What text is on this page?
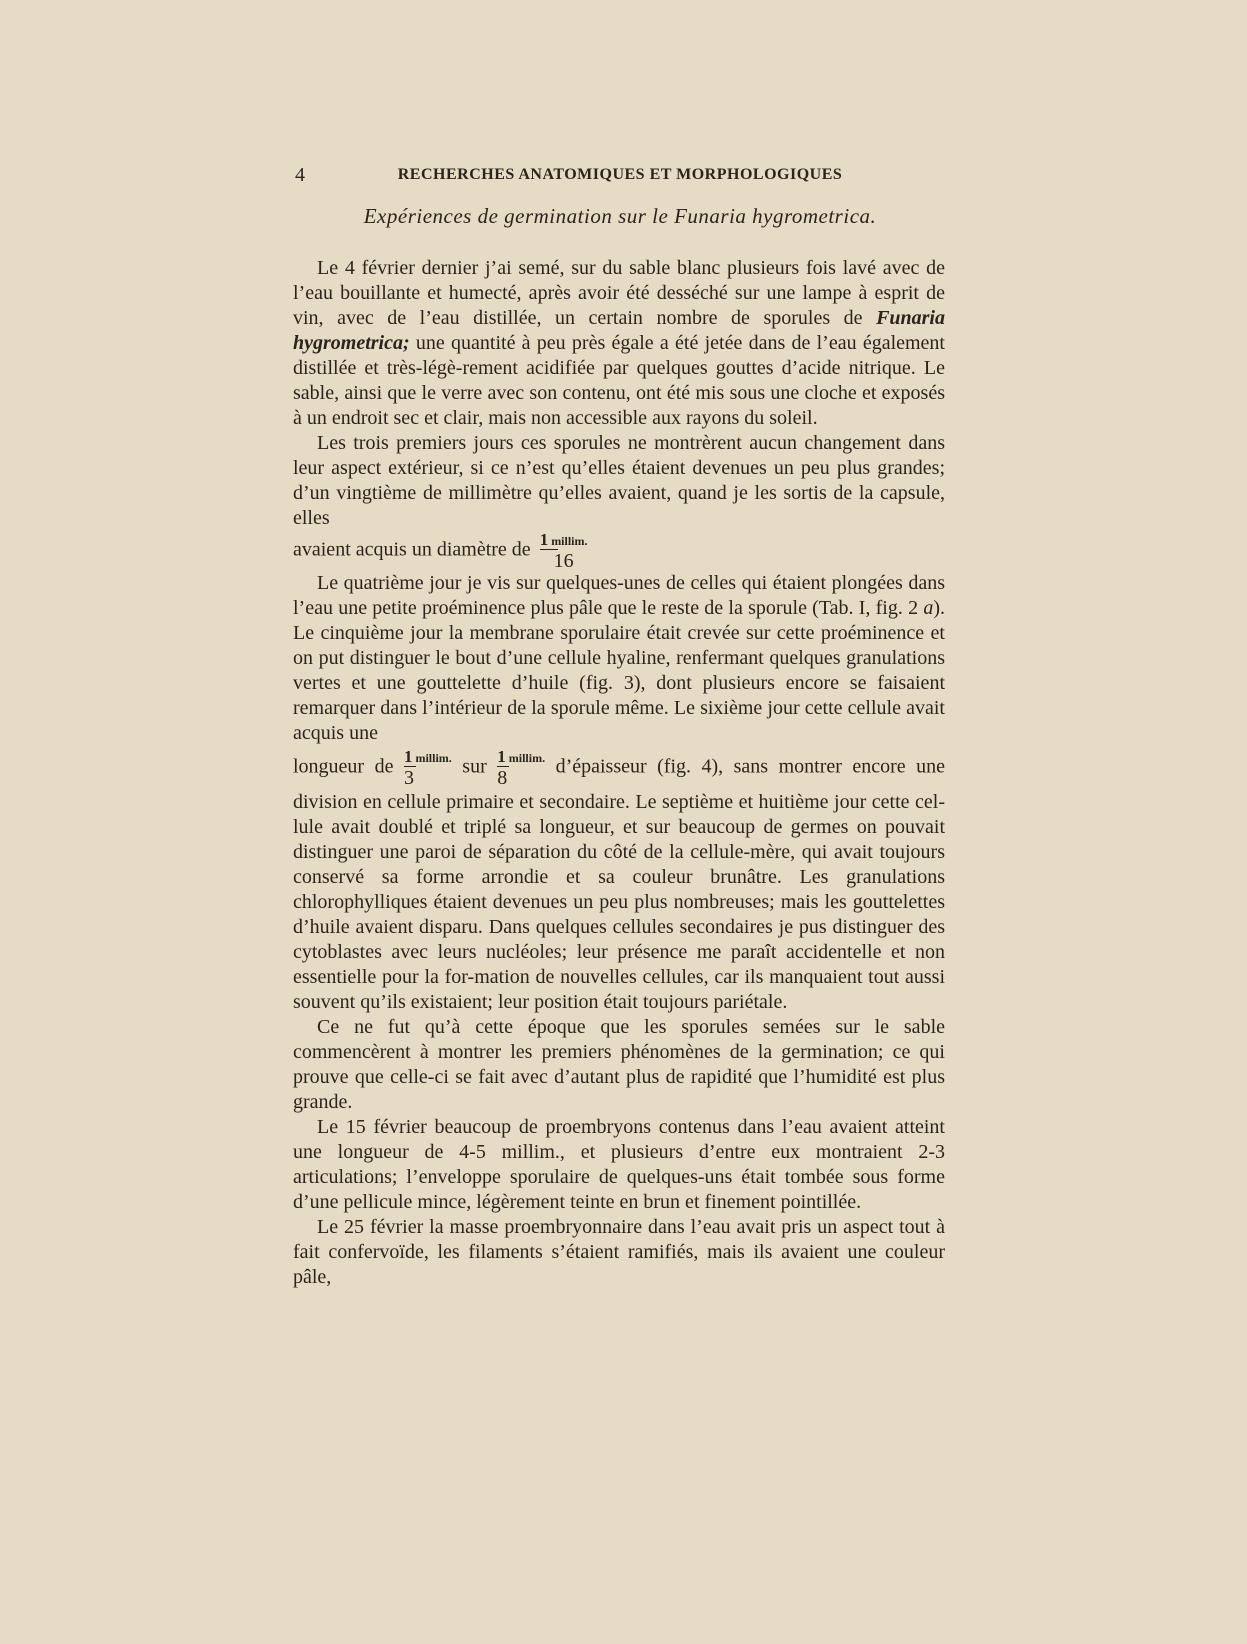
4	RECHERCHES ANATOMIQUES ET MORPHOLOGIQUES
Expériences de germination sur le Funaria hygrometrica.

Le 4 février dernier j’ai semé, sur du sable blanc plusieurs fois lavé avec de l’eau bouillante et humecté, après avoir été desséché sur une lampe à esprit de vin, avec de l’eau distillée, un certain nombre de sporules de Funaria hygrometrica; une quantité à peu près égale a été jetée dans de l’eau également distillée et très-légè-rement acidifiée par quelques gouttes d’acide nitrique. Le sable, ainsi que le verre avec son contenu, ont été mis sous une cloche et exposés à un endroit sec et clair, mais non accessible aux rayons du soleil.

Les trois premiers jours ces sporules ne montrèrent aucun changement dans leur aspect extérieur, si ce n’est qu’elles étaient devenues un peu plus grandes; d’un vingtième de millimètre qu’elles avaient, quand je les sortis de la capsule, elles

avaient acquis un diamètre de $\frac{\text{1 millim.}}{16}$

Le quatrième jour je vis sur quelques-unes de celles qui étaient plongées dans l’eau une petite proéminence plus pâle que le reste de la sporule (Tab. I, fig. 2 a). Le cinquième jour la membrane sporulaire était crevée sur cette proéminence et on put distinguer le bout d’une cellule hyaline, renfermant quelques granulations vertes et une gouttelette d’huile (fig. 3), dont plusieurs encore se faisaient remarquer dans l’intérieur de la sporule même. Le sixième jour cette cellule avait acquis une

longueur de $\frac{\text{1 millim.}}{3}$ sur $\frac{\text{1 millim.}}{8}$ d’épaisseur (fig. 4), sans montrer encore une

division en cellule primaire et secondaire. Le septième et huitième jour cette cel-lule avait doublé et triplé sa longueur, et sur beaucoup de germes on pouvait distinguer une paroi de séparation du côté de la cellule-mère, qui avait toujours conservé sa forme arrondie et sa couleur brunâtre. Les granulations chlorophylliques étaient devenues un peu plus nombreuses; mais les gouttelettes d’huile avaient disparu. Dans quelques cellules secondaires je pus distinguer des cytoblastes avec leurs nucléoles; leur présence me paraît accidentelle et non essentielle pour la for-mation de nouvelles cellules, car ils manquaient tout aussi souvent qu’ils existaient; leur position était toujours pariétale.

Ce ne fut qu’à cette époque que les sporules semées sur le sable commencèrent à montrer les premiers phénomènes de la germination; ce qui prouve que celle-ci se fait avec d’autant plus de rapidité que l’humidité est plus grande.

Le 15 février beaucoup de proembryons contenus dans l’eau avaient atteint une longueur de 4-5 millim., et plusieurs d’entre eux montraient 2-3 articulations; l’enveloppe sporulaire de quelques-uns était tombée sous forme d’une pellicule mince, légèrement teinte en brun et finement pointillée.

Le 25 février la masse proembryonnaire dans l’eau avait pris un aspect tout à fait confervoïde, les filaments s’étaient ramifiés, mais ils avaient une couleur pâle,
